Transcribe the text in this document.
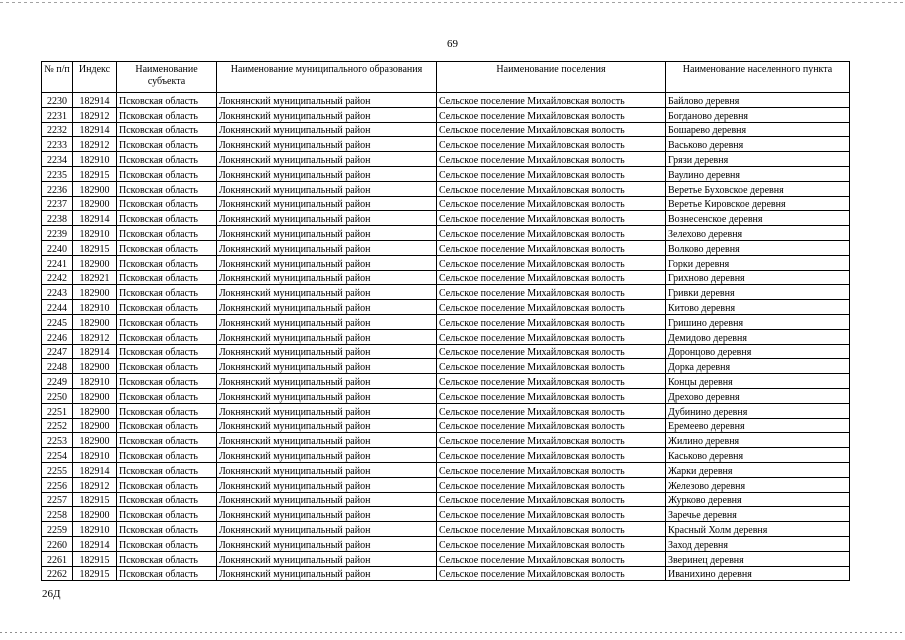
69
№ п/п	Индекс	Наименование субъекта	Наименование муниципального образования	Наименование поселения	Наименование населенного пункта
2230	182914	Псковская область	Локнянский муниципальный район	Сельское поселение Михайловская волость	Байлово деревня
2231	182912	Псковская область	Локнянский муниципальный район	Сельское поселение Михайловская волость	Богданово деревня
2232	182914	Псковская область	Локнянский муниципальный район	Сельское поселение Михайловская волость	Бошарево деревня
2233	182912	Псковская область	Локнянский муниципальный район	Сельское поселение Михайловская волость	Васьково деревня
2234	182910	Псковская область	Локнянский муниципальный район	Сельское поселение Михайловская волость	Грязи деревня
2235	182915	Псковская область	Локнянский муниципальный район	Сельское поселение Михайловская волость	Ваулино деревня
2236	182900	Псковская область	Локнянский муниципальный район	Сельское поселение Михайловская волость	Веретье Буховское деревня
2237	182900	Псковская область	Локнянский муниципальный район	Сельское поселение Михайловская волость	Веретье Кировское деревня
2238	182914	Псковская область	Локнянский муниципальный район	Сельское поселение Михайловская волость	Вознесенское деревня
2239	182910	Псковская область	Локнянский муниципальный район	Сельское поселение Михайловская волость	Зелехово деревня
2240	182915	Псковская область	Локнянский муниципальный район	Сельское поселение Михайловская волость	Волково деревня
2241	182900	Псковская область	Локнянский муниципальный район	Сельское поселение Михайловская волость	Горки деревня
2242	182921	Псковская область	Локнянский муниципальный район	Сельское поселение Михайловская волость	Грихново деревня
2243	182900	Псковская область	Локнянский муниципальный район	Сельское поселение Михайловская волость	Гривки деревня
2244	182910	Псковская область	Локнянский муниципальный район	Сельское поселение Михайловская волость	Китово деревня
2245	182900	Псковская область	Локнянский муниципальный район	Сельское поселение Михайловская волость	Гришино деревня
2246	182912	Псковская область	Локнянский муниципальный район	Сельское поселение Михайловская волость	Демидово деревня
2247	182914	Псковская область	Локнянский муниципальный район	Сельское поселение Михайловская волость	Доронцово деревня
2248	182900	Псковская область	Локнянский муниципальный район	Сельское поселение Михайловская волость	Дорка деревня
2249	182910	Псковская область	Локнянский муниципальный район	Сельское поселение Михайловская волость	Концы деревня
2250	182900	Псковская область	Локнянский муниципальный район	Сельское поселение Михайловская волость	Дрехово деревня
2251	182900	Псковская область	Локнянский муниципальный район	Сельское поселение Михайловская волость	Дубинино деревня
2252	182900	Псковская область	Локнянский муниципальный район	Сельское поселение Михайловская волость	Еремеево деревня
2253	182900	Псковская область	Локнянский муниципальный район	Сельское поселение Михайловская волость	Жилино деревня
2254	182910	Псковская область	Локнянский муниципальный район	Сельское поселение Михайловская волость	Каськово деревня
2255	182914	Псковская область	Локнянский муниципальный район	Сельское поселение Михайловская волость	Жарки деревня
2256	182912	Псковская область	Локнянский муниципальный район	Сельское поселение Михайловская волость	Железово деревня
2257	182915	Псковская область	Локнянский муниципальный район	Сельское поселение Михайловская волость	Журково деревня
2258	182900	Псковская область	Локнянский муниципальный район	Сельское поселение Михайловская волость	Заречье деревня
2259	182910	Псковская область	Локнянский муниципальный район	Сельское поселение Михайловская волость	Красный Холм деревня
2260	182914	Псковская область	Локнянский муниципальный район	Сельское поселение Михайловская волость	Заход деревня
2261	182915	Псковская область	Локнянский муниципальный район	Сельское поселение Михайловская волость	Зверинец деревня
2262	182915	Псковская область	Локнянский муниципальный район	Сельское поселение Михайловская волость	Иванихино деревня
26Д
